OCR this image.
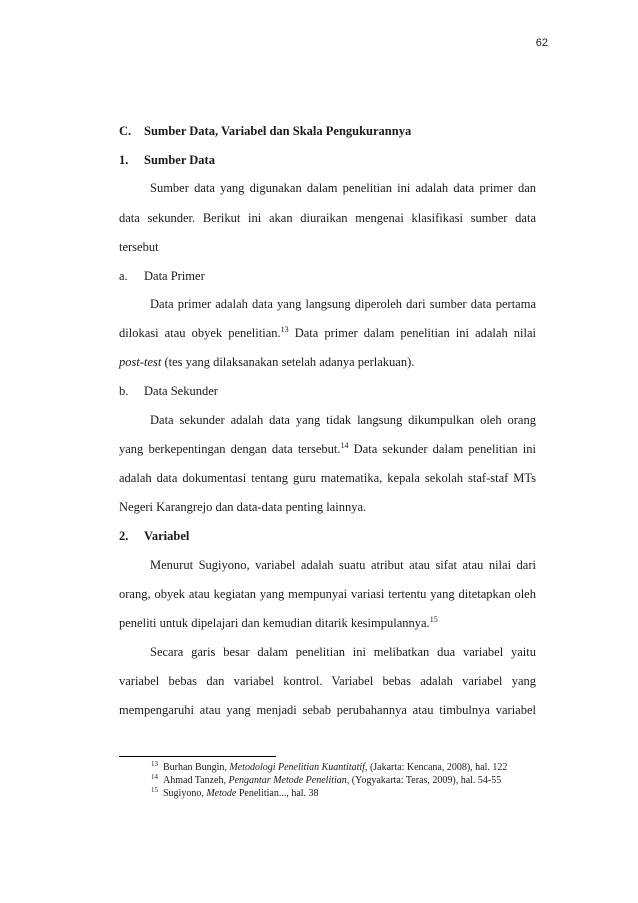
62
C. Sumber Data, Variabel dan Skala Pengukurannya
1. Sumber Data
Sumber data yang digunakan dalam penelitian ini adalah data primer dan
data sekunder. Berikut ini akan diuraikan mengenai klasifikasi sumber data
tersebut
a. Data Primer
Data primer adalah data yang langsung diperoleh dari sumber data pertama
dilokasi atau obyek penelitian.$^{13}$ Data primer dalam penelitian ini adalah nilai
post-test (tes yang dilaksanakan setelah adanya perlakuan).
b. Data Sekunder
Data sekunder adalah data yang tidak langsung dikumpulkan oleh orang
yang berkepentingan dengan data tersebut.$^{14}$ Data sekunder dalam penelitian ini
adalah data dokumentasi tentang guru matematika, kepala sekolah staf-staf MTs
Negeri Karangrejo dan data-data penting lainnya.
2. Variabel
Menurut Sugiyono, variabel adalah suatu atribut atau sifat atau nilai dari
orang, obyek atau kegiatan yang mempunyai variasi tertentu yang ditetapkan oleh
peneliti untuk dipelajari dan kemudian ditarik kesimpulannya.$^{15}$
Secara garis besar dalam penelitian ini melibatkan dua variabel yaitu
variabel bebas dan variabel kontrol. Variabel bebas adalah variabel yang
mempengaruhi atau yang menjadi sebab perubahannya atau timbulnya variabel
$^{13}$ Burhan Bungin, Metodologi Penelitian Kuantitatif, (Jakarta: Kencana, 2008), hal. 122
$^{14}$ Ahmad Tanzeh, Pengantar Metode Penelitian, (Yogyakarta: Teras, 2009), hal. 54-55
$^{15}$ Sugiyono, Metode Penelitian..., hal. 38
